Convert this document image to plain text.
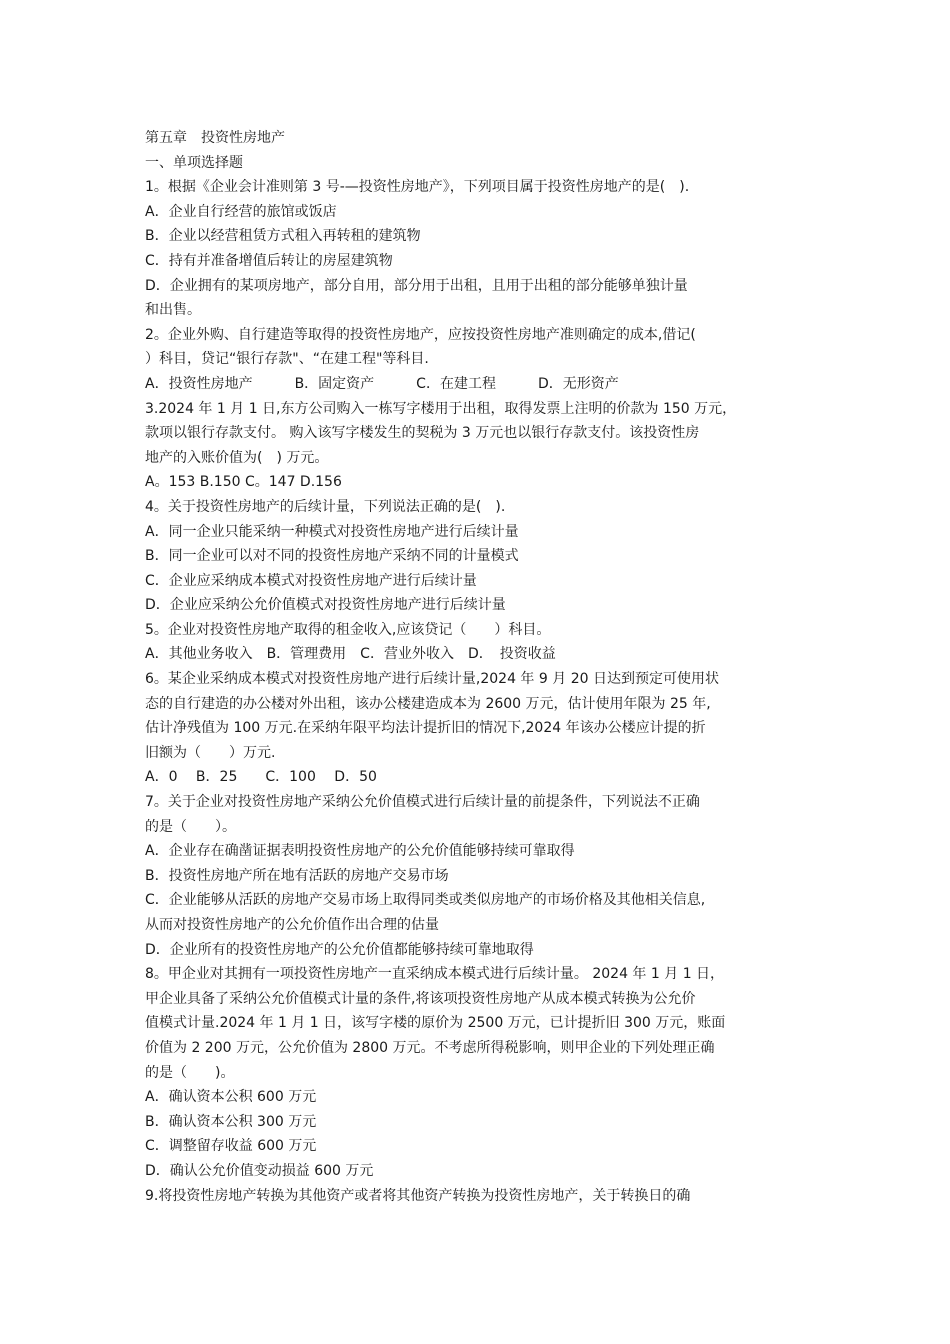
第五章　投资性房地产
一、单项选择题
1。根据《企业会计准则第 3 号-—投资性房地产》，下列项目属于投资性房地产的是(　).
A．企业自行经营的旅馆或饭店
B．企业以经营租赁方式租入再转租的建筑物
C．持有并准备增值后转让的房屋建筑物
D．企业拥有的某项房地产，部分自用，部分用于出租，且用于出租的部分能够单独计量
和出售。
2。企业外购、自行建造等取得的投资性房地产，应按投资性房地产准则确定的成本,借记(
）科目，贷记“银行存款"、“在建工程"等科目.
A．投资性房地产　　　B．固定资产　　　C．在建工程　　　D．无形资产
3.2024 年 1 月 1 日,东方公司购入一栋写字楼用于出租，取得发票上注明的价款为 150 万元，
款项以银行存款支付。 购入该写字楼发生的契税为 3 万元也以银行存款支付。该投资性房
地产的入账价值为(　) 万元。
A。153 B.150 C。147 D.156
4。关于投资性房地产的后续计量，下列说法正确的是(　).
A．同一企业只能采纳一种模式对投资性房地产进行后续计量
B．同一企业可以对不同的投资性房地产采纳不同的计量模式
C．企业应采纳成本模式对投资性房地产进行后续计量
D．企业应采纳公允价值模式对投资性房地产进行后续计量
5。企业对投资性房地产取得的租金收入,应该贷记（　　）科目。
A．其他业务收入　B．管理费用　C．营业外收入　D．　投资收益
6。某企业采纳成本模式对投资性房地产进行后续计量,2024 年 9 月 20 日达到预定可使用状
态的自行建造的办公楼对外出租，该办公楼建造成本为 2600 万元，估计使用年限为 25 年,
估计净残值为 100 万元.在采纳年限平均法计提折旧的情况下,2024 年该办公楼应计提的折
旧额为（　　）万元.
A．0　 B．25　　C．100　 D．50
7。关于企业对投资性房地产采纳公允价值模式进行后续计量的前提条件，下列说法不正确
的是（　　）。
A．企业存在确凿证据表明投资性房地产的公允价值能够持续可靠取得
B．投资性房地产所在地有活跃的房地产交易市场
C．企业能够从活跃的房地产交易市场上取得同类或类似房地产的市场价格及其他相关信息,
从而对投资性房地产的公允价值作出合理的估量
D．企业所有的投资性房地产的公允价值都能够持续可靠地取得
8。甲企业对其拥有一项投资性房地产一直采纳成本模式进行后续计量。 2024 年 1 月 1 日，
甲企业具备了采纳公允价值模式计量的条件,将该项投资性房地产从成本模式转换为公允价
值模式计量.2024 年 1 月 1 日，该写字楼的原价为 2500 万元，已计提折旧 300 万元，账面
价值为 2 200 万元，公允价值为 2800 万元。不考虑所得税影响，则甲企业的下列处理正确
的是（　　)。
A．确认资本公积 600 万元
B．确认资本公积 300 万元
C．调整留存收益 600 万元
D．确认公允价值变动损益 600 万元
9.将投资性房地产转换为其他资产或者将其他资产转换为投资性房地产，关于转换日的确
